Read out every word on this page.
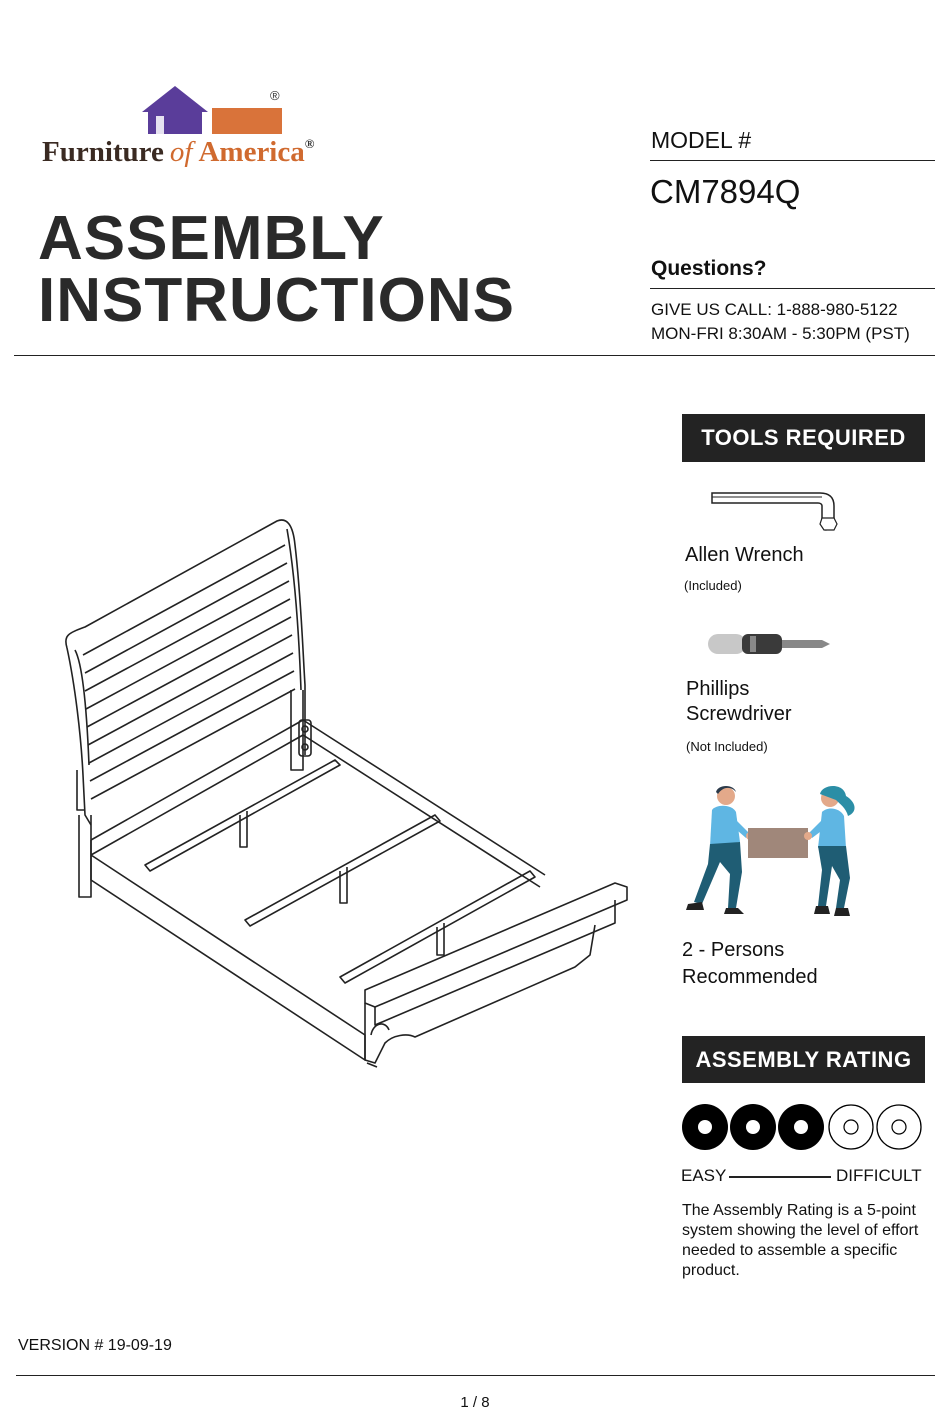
®
Furniture of America®
ASSEMBLY
INSTRUCTIONS
MODEL #
CM7894Q
Questions?
GIVE US CALL: 1-888-980-5122
MON-FRI 8:30AM - 5:30PM (PST)
TOOLS REQUIRED
Allen Wrench
(Included)
Phillips
Screwdriver
(Not Included)
2 - Persons
Recommended
ASSEMBLY RATING
EASY	DIFFICULT
The Assembly Rating is a 5-point system showing the level of effort needed to assemble a specific product.
VERSION # 19-09-19
1 / 8
